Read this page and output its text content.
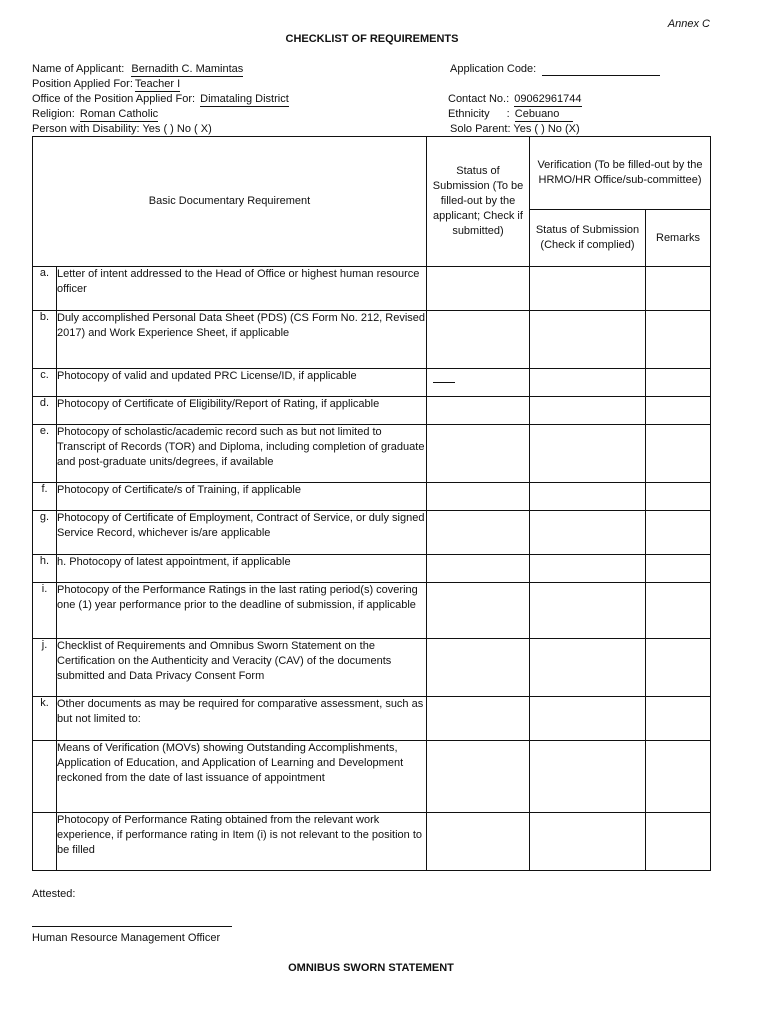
Annex C
CHECKLIST OF REQUIREMENTS
Name of Applicant: Bernadith C. Mamintas
Position Applied For: Teacher I
Office of the Position Applied For: Dimataling District
Religion: Roman Catholic
Person with Disability: Yes ( ) No ( X)
Application Code:
Contact No.: 09062961744
Ethnicity : Cebuano
Solo Parent: Yes ( ) No (X)
Basic Documentary Requirement		Status of Submission (To be filled-out by the applicant; Check if submitted)	Verification (To be filled-out by the HRMO/HR Office/sub-committee)	
			Status of Submission (Check if complied)	Remarks
a.	Letter of intent addressed to the Head of Office or highest human resource officer			
b.	Duly accomplished Personal Data Sheet (PDS) (CS Form No. 212, Revised 2017) and Work Experience Sheet, if applicable			
c.	Photocopy of valid and updated PRC License/ID, if applicable			
d.	Photocopy of Certificate of Eligibility/Report of Rating, if applicable			
e.	Photocopy of scholastic/academic record such as but not limited to Transcript of Records (TOR) and Diploma, including completion of graduate and post-graduate units/degrees, if available			
f.	Photocopy of Certificate/s of Training, if applicable			
g.	Photocopy of Certificate of Employment, Contract of Service, or duly signed Service Record, whichever is/are applicable			
h.	h. Photocopy of latest appointment, if applicable			
i.	Photocopy of the Performance Ratings in the last rating period(s) covering one (1) year performance prior to the deadline of submission, if applicable			
j.	Checklist of Requirements and Omnibus Sworn Statement on the Certification on the Authenticity and Veracity (CAV) of the documents submitted and Data Privacy Consent Form			
k.	Other documents as may be required for comparative assessment, such as but not limited to:			
	Means of Verification (MOVs) showing Outstanding Accomplishments, Application of Education, and Application of Learning and Development reckoned from the date of last issuance of appointment			
	Photocopy of Performance Rating obtained from the relevant work experience, if performance rating in Item (i) is not relevant to the position to be filled			
Attested:
Human Resource Management Officer
OMNIBUS SWORN STATEMENT
